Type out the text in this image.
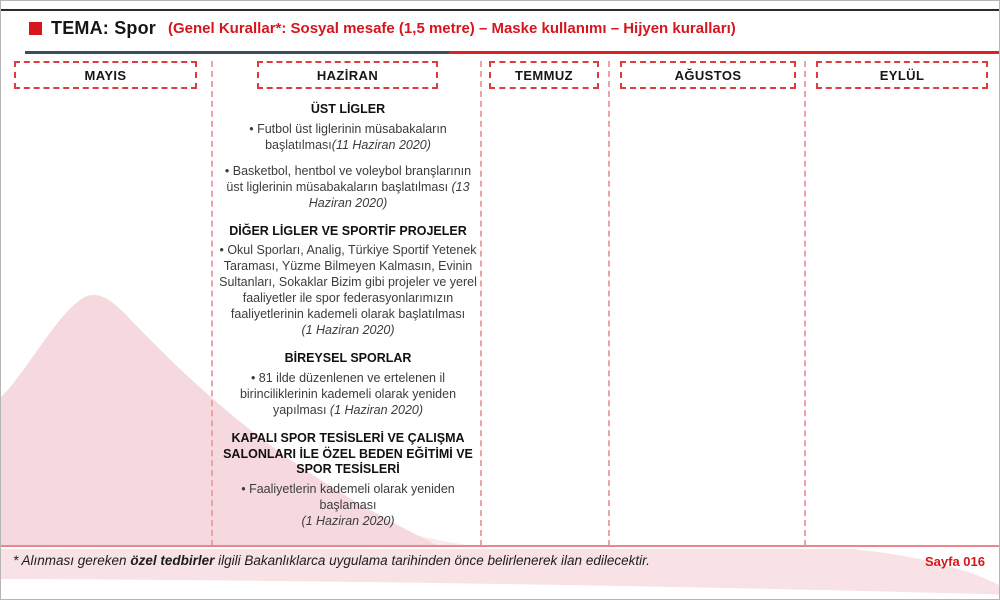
TEMA: Spor (Genel Kurallar*: Sosyal mesafe (1,5 metre) – Maske kullanımı – Hijyen kuralları)
MAYIS	HAZİRAN	TEMMUZ	AĞUSTOS	EYLÜL

ÜST LİGLER

• Futbol üst liglerinin müsabakaların başlatılması(11 Haziran 2020)

• Basketbol, hentbol ve voleybol branşlarının üst liglerinin müsabakaların başlatılması (13 Haziran 2020)

DİĞER LİGLER VE SPORTİF PROJELER

• Okul Sporları, Analig, Türkiye Sportif Yetenek Taraması, Yüzme Bilmeyen Kalmasın, Evinin Sultanları, Sokaklar Bizim gibi projeler ve yerel faaliyetler ile spor federasyonlarımızın faaliyetlerinin kademeli olarak başlatılması
(1 Haziran 2020)

BİREYSEL SPORLAR

• 81 ilde düzenlenen ve ertelenen il birinciliklerinin kademeli olarak yeniden yapılması (1 Haziran 2020)

KAPALI SPOR TESİSLERİ VE ÇALIŞMA SALONLARI İLE ÖZEL BEDEN EĞİTİMİ VE SPOR TESİSLERİ

• Faaliyetlerin kademeli olarak yeniden başlaması
(1 Haziran 2020)

* Alınması gereken özel tedbirler ilgili Bakanlıklarca uygulama tarihinden önce belirlenerek ilan edilecektir.	Sayfa 016
